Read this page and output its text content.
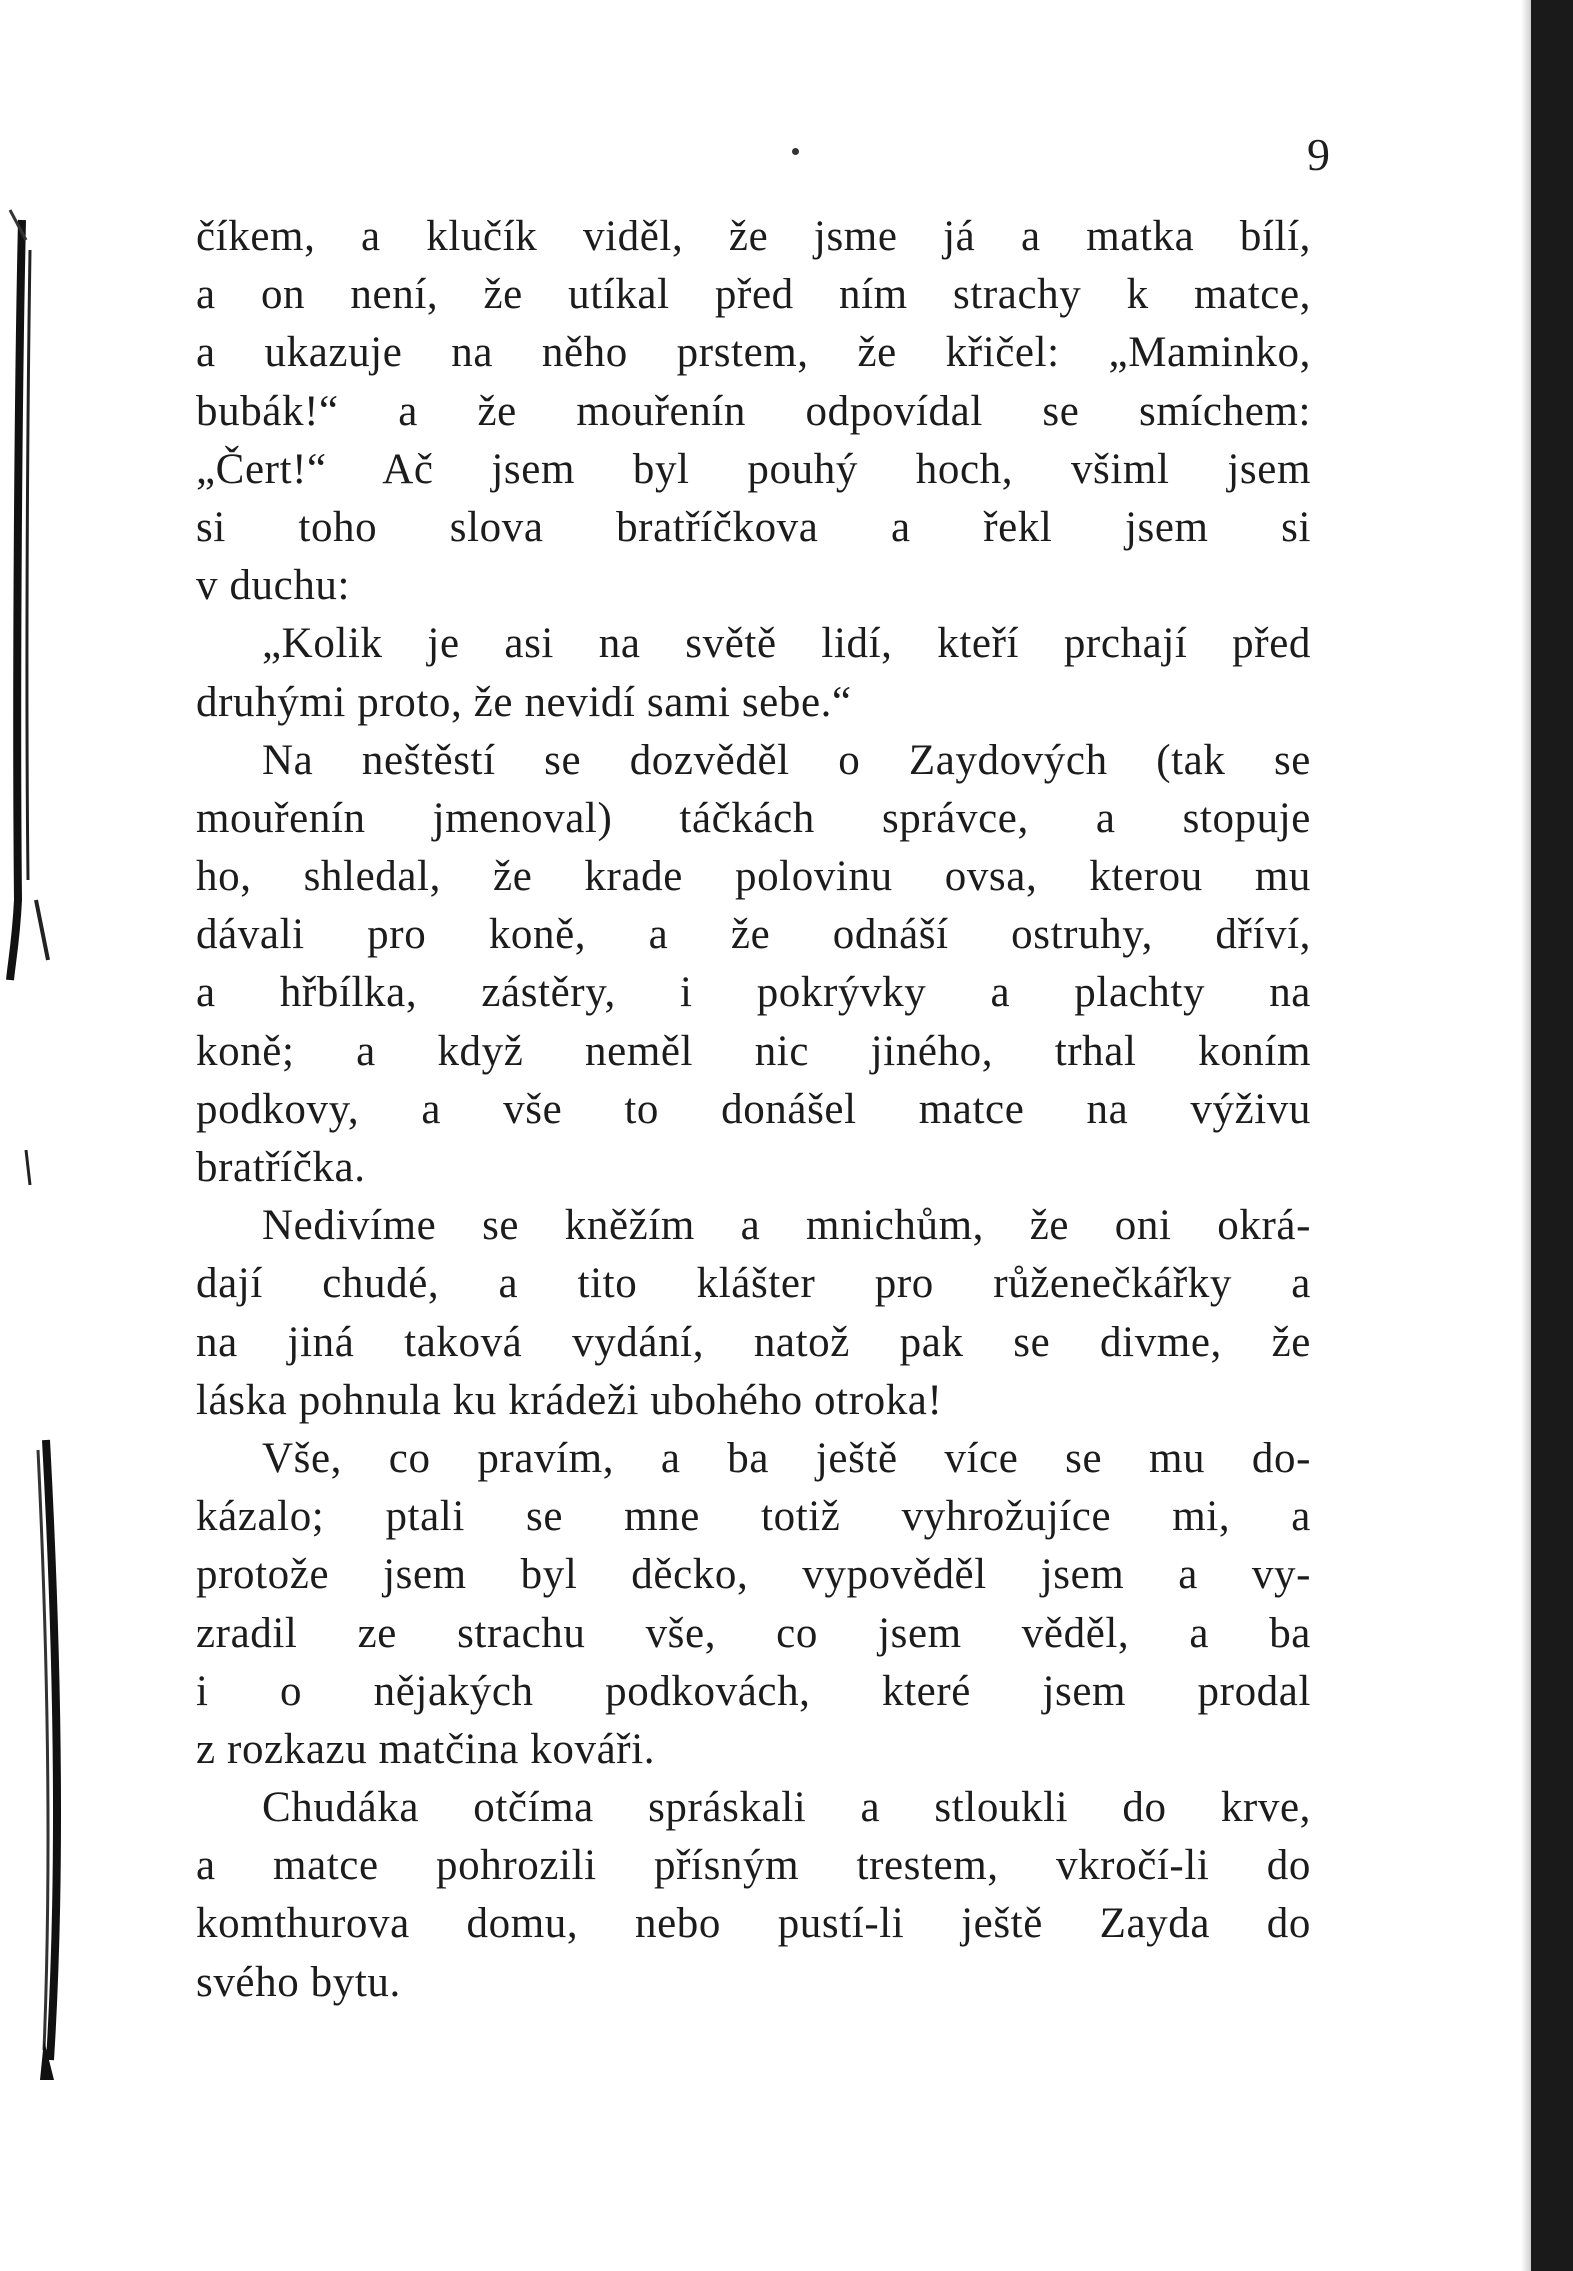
9
číkem, a klučík viděl, že jsme já a matka bílí,
a on není, že utíkal před ním strachy k matce,
a ukazuje na něho prstem, že křičel: „Maminko,
bubák!“ a že mouřenín odpovídal se smíchem:
„Čert!“ Ač jsem byl pouhý hoch, všiml jsem
si toho slova bratříčkova a řekl jsem si
v duchu:
„Kolik je asi na světě lidí, kteří prchají před
druhými proto, že nevidí sami sebe.“
Na neštěstí se dozvěděl o Zaydových (tak se
mouřenín jmenoval) táčkách správce, a stopuje
ho, shledal, že krade polovinu ovsa, kterou mu
dávali pro koně, a že odnáší ostruhy, dříví,
a hřbílka, zástěry, i pokrývky a plachty na
koně; a když neměl nic jiného, trhal koním
podkovy, a vše to donášel matce na výživu
bratříčka.
Nedivíme se kněžím a mnichům, že oni okrá-
dají chudé, a tito klášter pro růženečkářky a
na jiná taková vydání, natož pak se divme, že
láska pohnula ku krádeži ubohého otroka!
Vše, co pravím, a ba ještě více se mu do-
kázalo; ptali se mne totiž vyhrožujíce mi, a
protože jsem byl děcko, vypověděl jsem a vy-
zradil ze strachu vše, co jsem věděl, a ba
i o nějakých podkovách, které jsem prodal
z rozkazu matčina kováři.
Chudáka otčíma spráskali a stloukli do krve,
a matce pohrozili přísným trestem, vkročí-li do
komthurova domu, nebo pustí-li ještě Zayda do
svého bytu.
